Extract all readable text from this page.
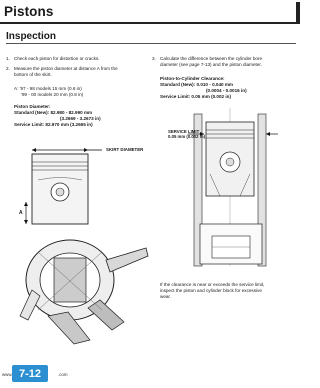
Pistons
Inspection
1. Check each piston for distortion or cracks.
2. Measure the piston diameter at distance A from the
bottom of the skirt.
A: '97 - 98 models 15 mm (0.6 in)
'99 - 00 models 20 mm (0.8 in)
Piston Diameter:
Standard (New): 82.980 - 82.990 mm
(3.2669 - 3.2673 in)
Service Limit: 82.970 mm (3.2665 in)
SKIRT DIAMETER
A
3. Calculate the difference between the cylinder bore
diameter (see page 7-13) and the piston diameter.
Piston-to-Cylinder Clearance:
Standard (New): 0.010 - 0.040 mm
(0.0004 - 0.0016 in)
Service Limit: 0.05 mm (0.002 in)
SERVICE LIMIT
0.05 mm (0.002 in)
If the clearance is near or exceeds the service limit,
inspect the piston and cylinder block for excessive
wear.
www. 7-12	.com
